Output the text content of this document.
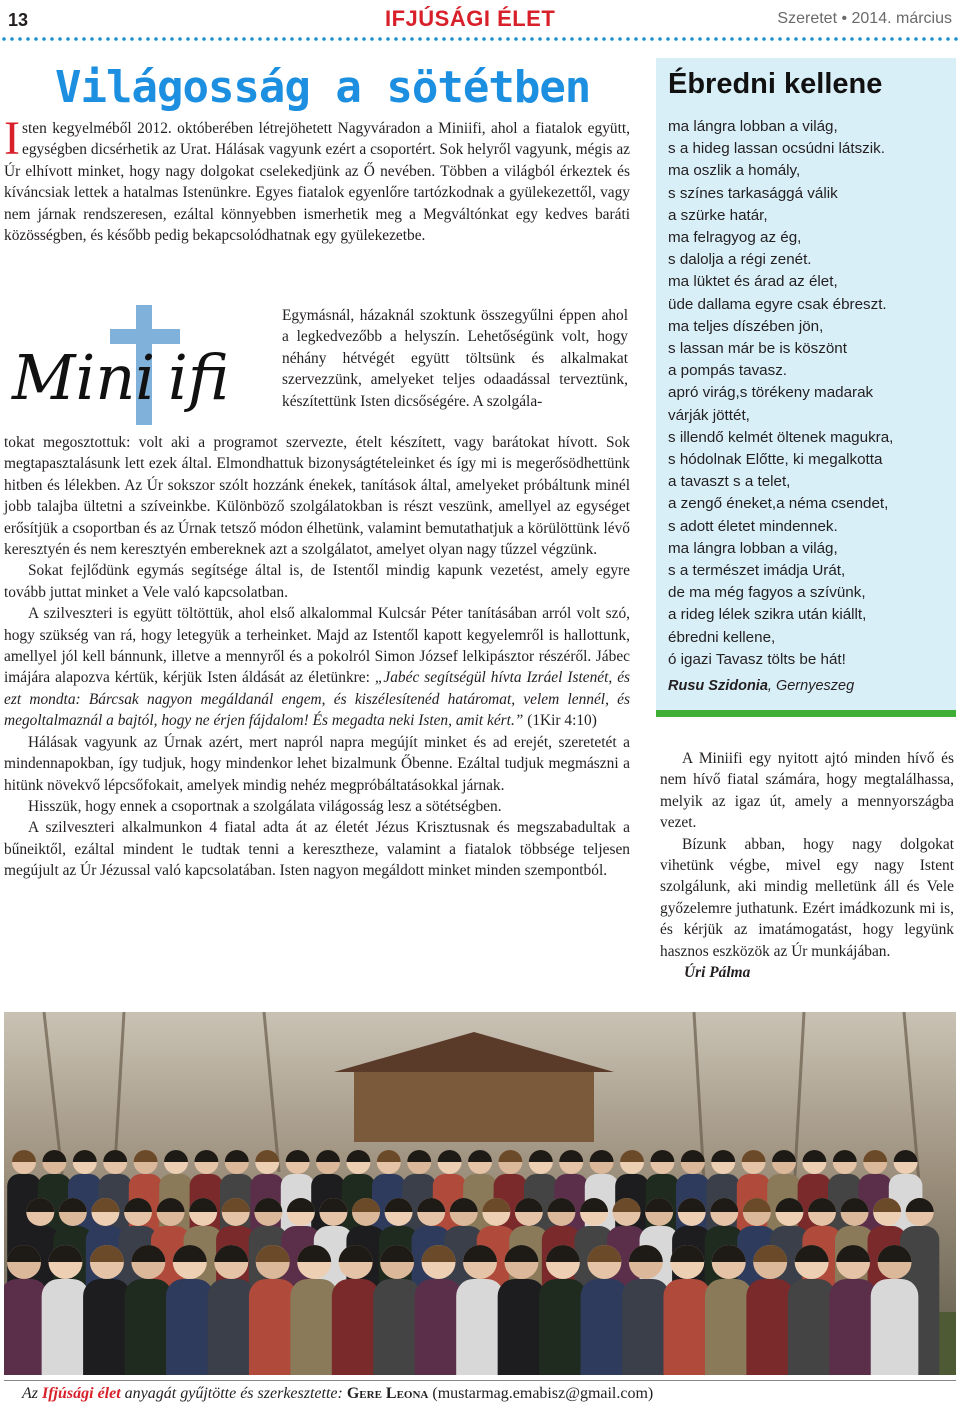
13	IFJÚSÁGI ÉLET	Szeretet • 2014. március
Világosság a sötétben

Isten kegyelméből 2012. októberében létrejöhetett Nagyváradon a Miniifi, ahol a fiatalok együtt, egységben dicsérhetik az Urat. Hálásak vagyunk ezért a csoportért. Sok helyről vagyunk, mégis az Úr elhívott minket, hogy nagy dolgokat cselekedjünk az Ő nevében. Többen a világból érkeztek és kíváncsiak lettek a hatalmas Istenünkre. Egyes fiatalok egyenlőre tartózkodnak a gyülekezettől, vagy nem járnak rendszeresen, ezáltal könnyebben ismerhetik meg a Megváltónkat egy kedves baráti közösségben, és később pedig bekapcsolódhatnak egy gyülekezetbe.

Mini ifi
Egymásnál, házaknál szoktunk összegyűlni éppen ahol a legkedvezőbb a helyszín. Lehetőségünk volt, hogy néhány hétvégét együtt töltsünk és alkalmakat szervezzünk, amelyeket teljes odaadással terveztünk, készítettünk Isten dicsőségére. A szolgála-

tokat megosztottuk: volt aki a programot szervezte, ételt készített, vagy barátokat hívott. Sok megtapasztalásunk lett ezek által. Elmondhattuk bizonyságtételeinket és így mi is megerősödhettünk hitben és lélekben. Az Úr sokszor szólt hozzánk énekek, tanítások által, amelyeket próbáltunk minél jobb talajba ültetni a szíveinkbe. Különböző szolgálatokban is részt veszünk, amellyel az egységet erősítjük a csoportban és az Úrnak tetsző módon élhetünk, valamint bemutathatjuk a körülöttünk lévő keresztyén és nem keresztyén embereknek azt a szolgálatot, amelyet olyan nagy tűzzel végzünk.

Sokat fejlődünk egymás segítsége által is, de Istentől mindig kapunk vezetést, amely egyre tovább juttat minket a Vele való kapcsolatban.

A szilveszteri is együtt töltöttük, ahol első alkalommal Kulcsár Péter tanításában arról volt szó, hogy szükség van rá, hogy letegyük a terheinket. Majd az Istentől kapott kegyelemről is hallottunk, amellyel jól kell bánnunk, illetve a mennyről és a pokolról Simon József lelkipásztor részéről. Jábec imájára alapozva kértük, kérjük Isten áldását az életünkre: „Jabéc segítségül hívta Izráel Istenét, és ezt mondta: Bárcsak nagyon megáldanál engem, és kiszélesítenéd határomat, velem lennél, és megoltalmaznál a bajtól, hogy ne érjen fájdalom! És megadta neki Isten, amit kért.” (1Kir 4:10)

Hálásak vagyunk az Úrnak azért, mert napról napra megújít minket és ad erejét, szeretetét a mindennapokban, így tudjuk, hogy mindenkor lehet bizalmunk Őbenne. Ezáltal tudjuk megmászni a hitünk növekvő lépcsőfokait, amelyek mindig nehéz megpróbáltatásokkal járnak.

Hisszük, hogy ennek a csoportnak a szolgálata világosság lesz a sötétségben.

A szilveszteri alkalmunkon 4 fiatal adta át az életét Jézus Krisztusnak és megszabadultak a bűneiktől, ezáltal mindent le tudtak tenni a keresztheze, valamint a fiatalok többsége teljesen megújult az Úr Jézussal való kapcsolatában. Isten nagyon megáldott minket minden szempontból.

Ébredni kellene
ma lángra lobban a világ,
s a hideg lassan ocsúdni látszik.
ma oszlik a homály,
s színes tarkasággá válik
a szürke határ,
ma felragyog az ég,
s dalolja a régi zenét.
ma lüktet és árad az élet,
üde dallama egyre csak ébreszt.
ma teljes díszében jön,
s lassan már be is köszönt
a pompás tavasz.
apró virág,s törékeny madarak
várják jöttét,
s illendő kelmét öltenek magukra,
s hódolnak Előtte, ki megalkotta
a tavaszt s a telet,
a zengő éneket,a néma csendet,
s adott életet mindennek.
ma lángra lobban a világ,
s a természet imádja Urát,
de ma még fagyos a szívünk,
a rideg lélek szikra után kiállt,
ébredni kellene,
ó igazi Tavasz tölts be hát!
Rusu Szidonia, Gernyeszeg

A Miniifi egy nyitott ajtó minden hívő és nem hívő fiatal számára, hogy megtalálhassa, melyik az igaz út, amely a mennyországba vezet.

Bízunk abban, hogy nagy dolgokat vihetünk végbe, mivel egy nagy Istent szolgálunk, aki mindig melletünk áll és Vele győzelemre juthatunk. Ezért imádkozunk mi is, és kérjük az imatámogatást, hogy legyünk hasznos eszközök az Úr munkájában.

Úri Pálma

Az Ifjúsági élet anyagát gyűjtötte és szerkesztette: Gere Leona (mustarmag.emabisz@gmail.com)
